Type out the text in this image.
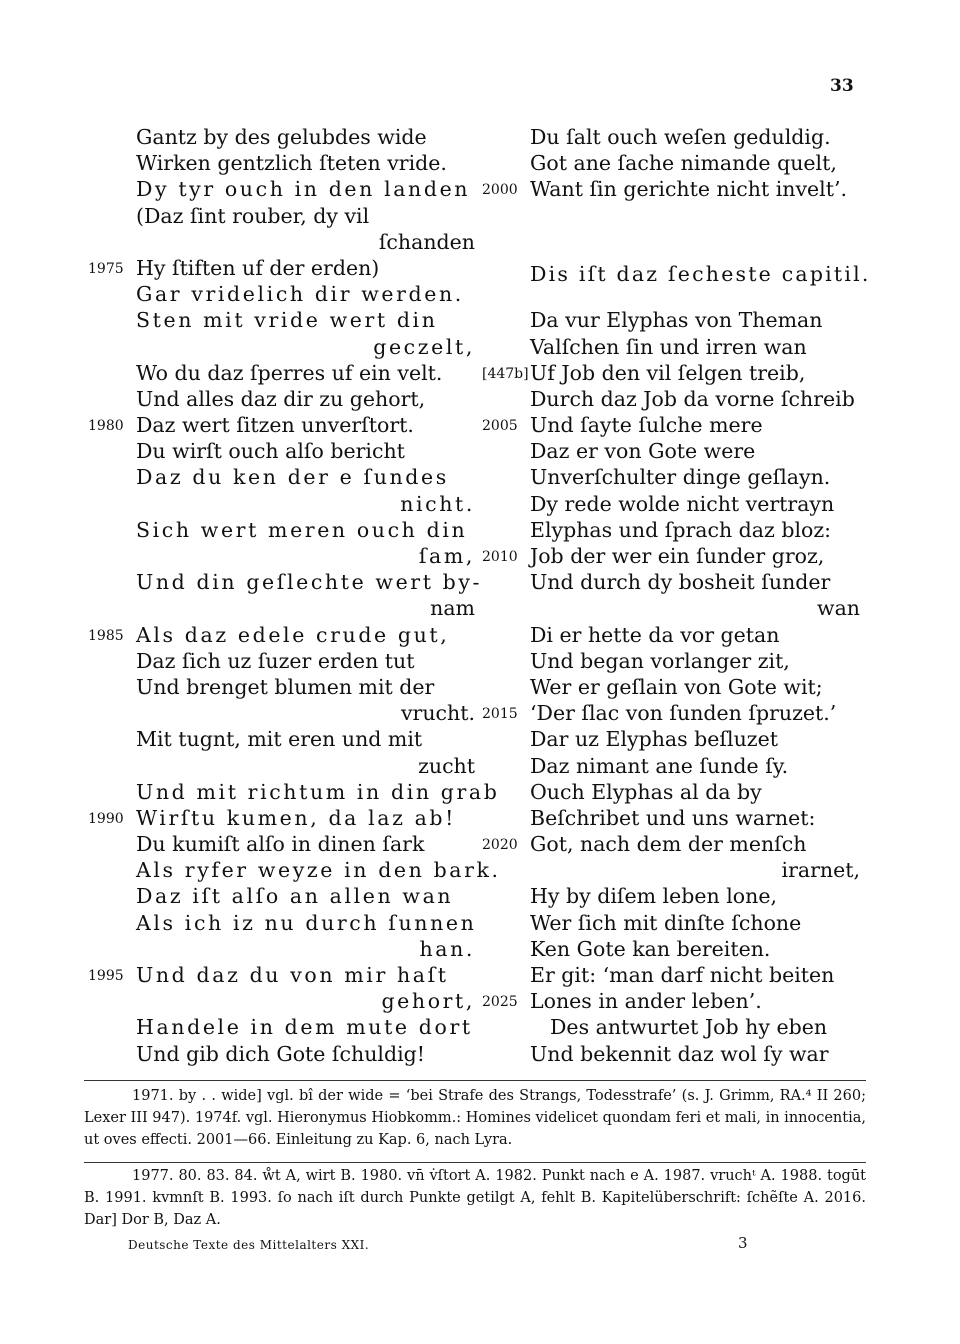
33
Gantz by des gelubdes wide
Wirken gentzlich ſteten vride.
Dy tyr ouch in den landen
(Daz ſint rouber, dy vil
ſchanden
1975 Hy ſtiften uf der erden)
Gar vridelich dir werden.
Sten mit vride wert din
geczelt,
Wo du daz ſperres uf ein velt.
Und alles daz dir zu gehort,
1980 Daz wert ſitzen unverſtort.
Du wirſt ouch alſo bericht
Daz du ken der e ſundes
nicht.
Sich wert meren ouch din
ſam,
Und din geſlechte wert by-
nam
1985 Als daz edele crude gut,
Daz ſich uz ſuzer erden tut
Und brenget blumen mit der
vrucht.
Mit tugnt, mit eren und mit
zucht
Und mit richtum in din grab
1990 Wirſtu kumen, da laz ab!
Du kumiſt alſo in dinen ſark
Als ryfer weyze in den bark.
Daz iſt alſo an allen wan
Als ich iz nu durch ſunnen
han.
1995 Und daz du von mir haſt
gehort,
Handele in dem mute dort
Und gib dich Gote ſchuldig!
Du ſalt ouch weſen geduldig.
Got ane ſache nimande quelt,
2000 Want ſin gerichte nicht invelt’.
Dis iſt daz ſecheste capitil.
Da vur Elyphas von Theman
Valſchen ſin und irren wan
[447b] Uf Job den vil ſelgen treib,
Durch daz Job da vorne ſchreib
2005 Und ſayte ſulche mere
Daz er von Gote were
Unverſchulter dinge geſlayn.
Dy rede wolde nicht vertrayn
Elyphas und ſprach daz bloz:
2010 Job der wer ein ſunder groz,
Und durch dy bosheit ſunder
wan
Di er hette da vor getan
Und began vorlanger zit,
Wer er geſlain von Gote wit;
2015 ‘Der ſlac von ſunden ſpruzet.’
Dar uz Elyphas beſluzet
Daz nimant ane ſunde ſy.
Ouch Elyphas al da by
Beſchribet und uns warnet:
2020 Got, nach dem der menſch
irarnet,
Hy by diſem leben lone,
Wer ſich mit dinſte ſchone
Ken Gote kan bereiten.
Er git: ‘man darf nicht beiten
2025 Lones in ander leben’.
Des antwurtet Job hy eben
Und bekennit daz wol ſy war

1971. by . . wide] vgl. bî der wide = ‘bei Strafe des Strangs, Todesstrafe’ (s. J. Grimm, RA.⁴ II 260; Lexer III 947). 1974f. vgl. Hieronymus Hiobkomm.: Homines videlicet quondam feri et mali, in innocentia, ut oves effecti. 2001—66. Einleitung zu Kap. 6, nach Lyra.

1977. 80. 83. 84. ẘt A, wirt B. 1980. vn̄ v̇ſtort A. 1982. Punkt nach e A. 1987. vruchᵗ A. 1988. togūt B. 1991. kvmnſt B. 1993. ſo nach iſt durch Punkte getilgt A, fehlt B. Kapitelüberschrift: ſchẽſte A. 2016. Dar] Dor B, Daz A.

Deutsche Texte des Mittelalters XXI.	3
